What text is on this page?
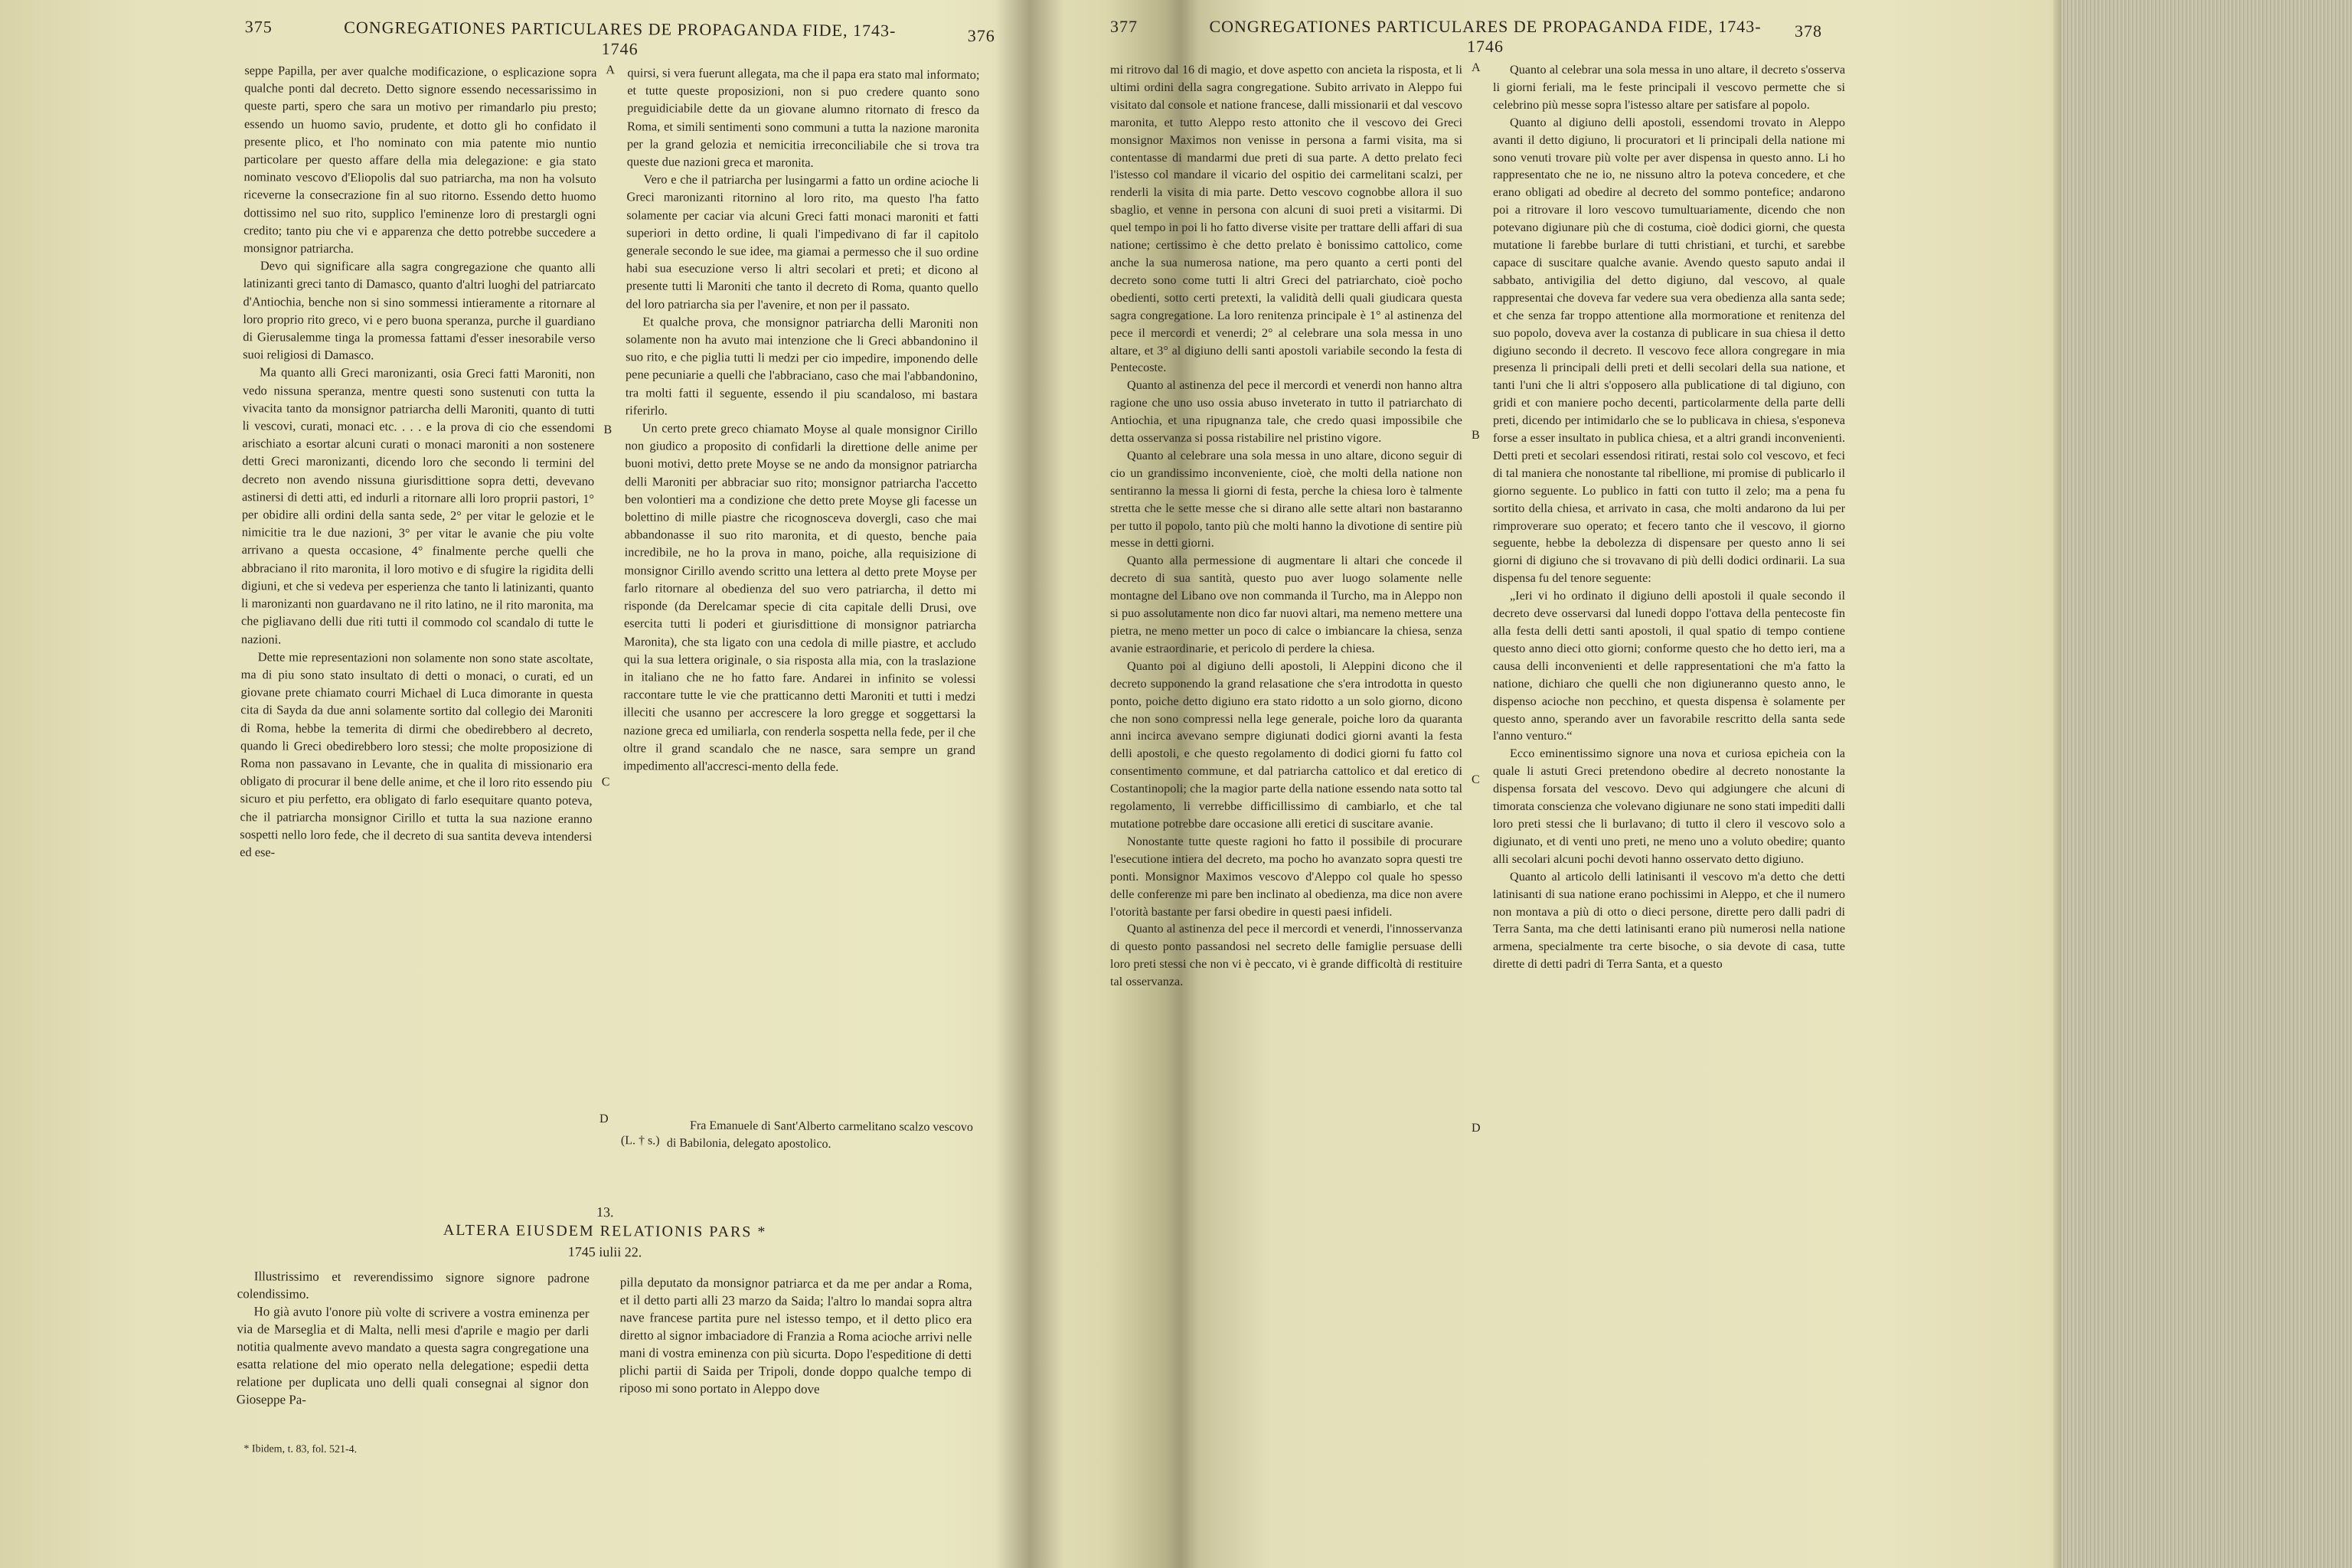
375	CONGREGATIONES PARTICULARES DE PROPAGANDA FIDE, 1743-1746
376

seppe Papilla, per aver qualche modificazione, o esplicazione sopra qualche ponti dal decreto. Detto signore essendo necessarissimo in queste parti, spero che sara un motivo per rimandarlo piu presto; essendo un huomo savio, prudente, et dotto gli ho confidato il presente plico, et l'ho nominato con mia patente mio nuntio particolare per questo affare della mia delegazione: e gia stato nominato vescovo d'Eliopolis dal suo patriarcha, ma non ha volsuto riceverne la consecrazione fin al suo ritorno. Essendo detto huomo dottissimo nel suo rito, supplico l'eminenze loro di prestargli ogni credito; tanto piu che vi e apparenza che detto potrebbe succedere a monsignor patriarcha.

Devo qui significare alla sagra congregazione che quanto alli latinizanti greci tanto di Damasco, quanto d'altri luoghi del patriarcato d'Antiochia, benche non si sino sommessi intieramente a ritornare al loro proprio rito greco, vi e pero buona speranza, purche il guardiano di Gierusalemme tinga la promessa fattami d'esser inesorabile verso suoi religiosi di Damasco.

Ma quanto alli Greci maronizanti, osia Greci fatti Maroniti, non vedo nissuna speranza, mentre questi sono sustenuti con tutta la vivacita tanto da monsignor patriarcha delli Maroniti, quanto di tutti li vescovi, curati, monaci etc. . . . e la prova di cio che essendomi arischiato a esortar alcuni curati o monaci maroniti a non sostenere detti Greci maronizanti, dicendo loro che secondo li termini del decreto non avendo nissuna giurisdittione sopra detti, devevano astinersi di detti atti, ed indurli a ritornare alli loro proprii pastori, 1° per obidire alli ordini della santa sede, 2° per vitar le gelozie et le nimicitie tra le due nazioni, 3° per vitar le avanie che piu volte arrivano a questa occasione, 4° finalmente perche quelli che abbraciano il rito maronita, il loro motivo e di sfugire la rigidita delli digiuni, et che si vedeva per esperienza che tanto li latinizanti, quanto li maronizanti non guardavano ne il rito latino, ne il rito maronita, ma che pigliavano delli due riti tutti il commodo col scandalo di tutte le nazioni.

Dette mie representazioni non solamente non sono state ascoltate, ma di piu sono stato insultato di detti o monaci, o curati, ed un giovane prete chiamato courri Michael di Luca dimorante in questa cita di Sayda da due anni solamente sortito dal collegio dei Maroniti di Roma, hebbe la temerita di dirmi che obedirebbero al decreto, quando li Greci obedirebbero loro stessi; che molte proposizione di Roma non passavano in Levante, che in qualita di missionario era obligato di procurar il bene delle anime, et che il loro rito essendo piu sicuro et piu perfetto, era obligato di farlo esequitare quanto poteva, che il patriarcha monsignor Cirillo et tutta la sua nazione eranno sospetti nello loro fede, che il decreto di sua santita deveva intendersi ed ese-

quirsi, si vera fuerunt allegata, ma che il papa era stato mal informato; et tutte queste proposizioni, non si puo credere quanto sono preguidiciabile dette da un giovane alumno ritornato di fresco da Roma, et simili sentimenti sono communi a tutta la nazione maronita per la grand gelozia et nemicitia irreconciliabile che si trova tra queste due nazioni greca et maronita.

Vero e che il patriarcha per lusingarmi a fatto un ordine acioche li Greci maronizanti ritornino al loro rito, ma questo l'ha fatto solamente per caciar via alcuni Greci fatti monaci maroniti et fatti superiori in detto ordine, li quali l'impedivano di far il capitolo generale secondo le sue idee, ma giamai a permesso che il suo ordine habi sua esecuzione verso li altri secolari et preti; et dicono al presente tutti li Maroniti che tanto il decreto di Roma, quanto quello del loro patriarcha sia per l'avenire, et non per il passato.

Et qualche prova, che monsignor patriarcha delli Maroniti non solamente non ha avuto mai intenzione che li Greci abbandonino il suo rito, e che piglia tutti li medzi per cio impedire, imponendo delle pene pecuniarie a quelli che l'abbraciano, caso che mai l'abbandonino, tra molti fatti il seguente, essendo il piu scandaloso, mi bastara riferirlo.

Un certo prete greco chiamato Moyse al quale monsignor Cirillo non giudico a proposito di confidarli la direttione delle anime per buoni motivi, detto prete Moyse se ne ando da monsignor patriarcha delli Maroniti per abbraciar suo rito; monsignor patriarcha l'accetto ben volontieri ma a condizione che detto prete Moyse gli facesse un bolettino di mille piastre che ricognosceva dovergli, caso che mai abbandonasse il suo rito maronita, et di questo, benche paia incredibile, ne ho la prova in mano, poiche, alla requisizione di monsignor Cirillo avendo scritto una lettera al detto prete Moyse per farlo ritornare al obedienza del suo vero patriarcha, il detto mi risponde (da Derelcamar specie di cita capitale delli Drusi, ove esercita tutti li poderi et giurisdittione di monsignor patriarcha Maronita), che sta ligato con una cedola di mille piastre, et accludo qui la sua lettera originale, o sia risposta alla mia, con la traslazione in italiano che ne ho fatto fare. Andarei in infinito se volessi raccontare tutte le vie che pratticanno detti Maroniti et tutti i medzi illeciti che usanno per accrescere la loro gregge et soggettarsi la nazione greca ed umiliarla, con renderla sospetta nella fede, per il che oltre il grand scandalo che ne nasce, sara sempre un grand impedimento all'accresci-mento della fede.

A
B
C
D
(L. † s.)
Fra Emanuele di Sant'Alberto carmelitano scalzo vescovo di Babilonia, delegato apostolico.
13.
ALTERA EIUSDEM RELATIONIS PARS *
1745 iulii 22.

Illustrissimo et reverendissimo signore signore padrone colendissimo.

Ho già avuto l'onore più volte di scrivere a vostra eminenza per via de Marseglia et di Malta, nelli mesi d'aprile e magio per darli notitia qualmente avevo mandato a questa sagra congregatione una esatta relatione del mio operato nella delegatione; espedii detta relatione per duplicata uno delli quali consegnai al signor don Gioseppe Pa-

pilla deputato da monsignor patriarca et da me per andar a Roma, et il detto parti alli 23 marzo da Saida; l'altro lo mandai sopra altra nave francese partita pure nel istesso tempo, et il detto plico era diretto al signor imbaciadore di Franzia a Roma acioche arrivi nelle mani di vostra eminenza con più sicurta. Dopo l'espeditione di detti plichi partii di Saida per Tripoli, donde doppo qualche tempo di riposo mi sono portato in Aleppo dove

* Ibidem, t. 83, fol. 521-4.
377	CONGREGATIONES PARTICULARES DE PROPAGANDA FIDE, 1743-1746
378

mi ritrovo dal 16 di magio, et dove aspetto con ancieta la risposta, et li ultimi ordini della sagra congregatione. Subito arrivato in Aleppo fui visitato dal console et natione francese, dalli missionarii et dal vescovo maronita, et tutto Aleppo resto attonito che il vescovo dei Greci monsignor Maximos non venisse in persona a farmi visita, ma si contentasse di mandarmi due preti di sua parte. A detto prelato feci l'istesso col mandare il vicario del ospitio dei carmelitani scalzi, per renderli la visita di mia parte. Detto vescovo cognobbe allora il suo sbaglio, et venne in persona con alcuni di suoi preti a visitarmi. Di quel tempo in poi li ho fatto diverse visite per trattare delli affari di sua natione; certissimo è che detto prelato è bonissimo cattolico, come anche la sua numerosa natione, ma pero quanto a certi ponti del decreto sono come tutti li altri Greci del patriarchato, cioè pocho obedienti, sotto certi pretexti, la validità delli quali giudicara questa sagra congregatione. La loro renitenza principale è 1° al astinenza del pece il mercordi et venerdi; 2° al celebrare una sola messa in uno altare, et 3° al digiuno delli santi apostoli variabile secondo la festa di Pentecoste.

Quanto al astinenza del pece il mercordi et venerdi non hanno altra ragione che uno uso ossia abuso inveterato in tutto il patriarchato di Antiochia, et una ripugnanza tale, che credo quasi impossibile che detta osservanza si possa ristabilire nel pristino vigore.

Quanto al celebrare una sola messa in uno altare, dicono seguir di cio un grandissimo inconveniente, cioè, che molti della natione non sentiranno la messa li giorni di festa, perche la chiesa loro è talmente stretta che le sette messe che si dirano alle sette altari non bastaranno per tutto il popolo, tanto più che molti hanno la divotione di sentire più messe in detti giorni.

Quanto alla permessione di augmentare li altari che concede il decreto di sua santità, questo puo aver luogo solamente nelle montagne del Libano ove non commanda il Turcho, ma in Aleppo non si puo assolutamente non dico far nuovi altari, ma nemeno mettere una pietra, ne meno metter un poco di calce o imbiancare la chiesa, senza avanie estraordinarie, et pericolo di perdere la chiesa.

Quanto poi al digiuno delli apostoli, li Aleppini dicono che il decreto supponendo la grand relasatione che s'era introdotta in questo ponto, poiche detto digiuno era stato ridotto a un solo giorno, dicono che non sono compressi nella lege generale, poiche loro da quaranta anni incirca avevano sempre digiunati dodici giorni avanti la festa delli apostoli, e che questo regolamento di dodici giorni fu fatto col consentimento commune, et dal patriarcha cattolico et dal eretico di Costantinopoli; che la magior parte della natione essendo nata sotto tal regolamento, li verrebbe difficillissimo di cambiarlo, et che tal mutatione potrebbe dare occasione alli eretici di suscitare avanie.

Nonostante tutte queste ragioni ho fatto il possibile di procurare l'esecutione intiera del decreto, ma pocho ho avanzato sopra questi tre ponti. Monsignor Maximos vescovo d'Aleppo col quale ho spesso delle conferenze mi pare ben inclinato al obedienza, ma dice non avere l'otorità bastante per farsi obedire in questi paesi infideli.

Quanto al astinenza del pece il mercordi et venerdi, l'innosservanza di questo ponto passandosi nel secreto delle famiglie persuase delli loro preti stessi che non vi è peccato, vi è grande difficoltà di restituire tal osservanza.

Quanto al celebrar una sola messa in uno altare, il decreto s'osserva li giorni feriali, ma le feste principali il vescovo permette che si celebrino più messe sopra l'istesso altare per satisfare al popolo.

Quanto al digiuno delli apostoli, essendomi trovato in Aleppo avanti il detto digiuno, li procuratori et li principali della natione mi sono venuti trovare più volte per aver dispensa in questo anno. Li ho rappresentato che ne io, ne nissuno altro la poteva concedere, et che erano obligati ad obedire al decreto del sommo pontefice; andarono poi a ritrovare il loro vescovo tumultuariamente, dicendo che non potevano digiunare più che di costuma, cioè dodici giorni, che questa mutatione li farebbe burlare di tutti christiani, et turchi, et sarebbe capace di suscitare qualche avanie. Avendo questo saputo andai il sabbato, antivigilia del detto digiuno, dal vescovo, al quale rappresentai che doveva far vedere sua vera obedienza alla santa sede; et che senza far troppo attentione alla mormoratione et renitenza del suo popolo, doveva aver la costanza di publicare in sua chiesa il detto digiuno secondo il decreto. Il vescovo fece allora congregare in mia presenza li principali delli preti et delli secolari della sua natione, et tanti l'uni che li altri s'opposero alla publicatione di tal digiuno, con gridi et con maniere pocho decenti, particolarmente della parte delli preti, dicendo per intimidarlo che se lo publicava in chiesa, s'esponeva forse a esser insultato in publica chiesa, et a altri grandi inconvenienti. Detti preti et secolari essendosi ritirati, restai solo col vescovo, et feci di tal maniera che nonostante tal ribellione, mi promise di publicarlo il giorno seguente. Lo publico in fatti con tutto il zelo; ma a pena fu sortito della chiesa, et arrivato in casa, che molti andarono da lui per rimproverare suo operato; et fecero tanto che il vescovo, il giorno seguente, hebbe la debolezza di dispensare per questo anno li sei giorni di digiuno che si trovavano di più delli dodici ordinarii. La sua dispensa fu del tenore seguente:

„Ieri vi ho ordinato il digiuno delli apostoli il quale secondo il decreto deve osservarsi dal lunedi doppo l'ottava della pentecoste fin alla festa delli detti santi apostoli, il qual spatio di tempo contiene questo anno dieci otto giorni; conforme questo che ho detto ieri, ma a causa delli inconvenienti et delle rappresentationi che m'a fatto la natione, dichiaro che quelli che non digiuneranno questo anno, le dispenso acioche non pecchino, et questa dispensa è solamente per questo anno, sperando aver un favorabile rescritto della santa sede l'anno venturo.“

Ecco eminentissimo signore una nova et curiosa epicheia con la quale li astuti Greci pretendono obedire al decreto nonostante la dispensa forsata del vescovo. Devo qui adgiungere che alcuni di timorata conscienza che volevano digiunare ne sono stati impediti dalli loro preti stessi che li burlavano; di tutto il clero il vescovo solo a digiunato, et di venti uno preti, ne meno uno a voluto obedire; quanto alli secolari alcuni pochi devoti hanno osservato detto digiuno.

Quanto al articolo delli latinisanti il vescovo m'a detto che detti latinisanti di sua natione erano pochissimi in Aleppo, et che il numero non montava a più di otto o dieci persone, dirette pero dalli padri di Terra Santa, ma che detti latinisanti erano più numerosi nella natione armena, specialmente tra certe bisoche, o sia devote di casa, tutte dirette di detti padri di Terra Santa, et a questo

A
B
C
D
